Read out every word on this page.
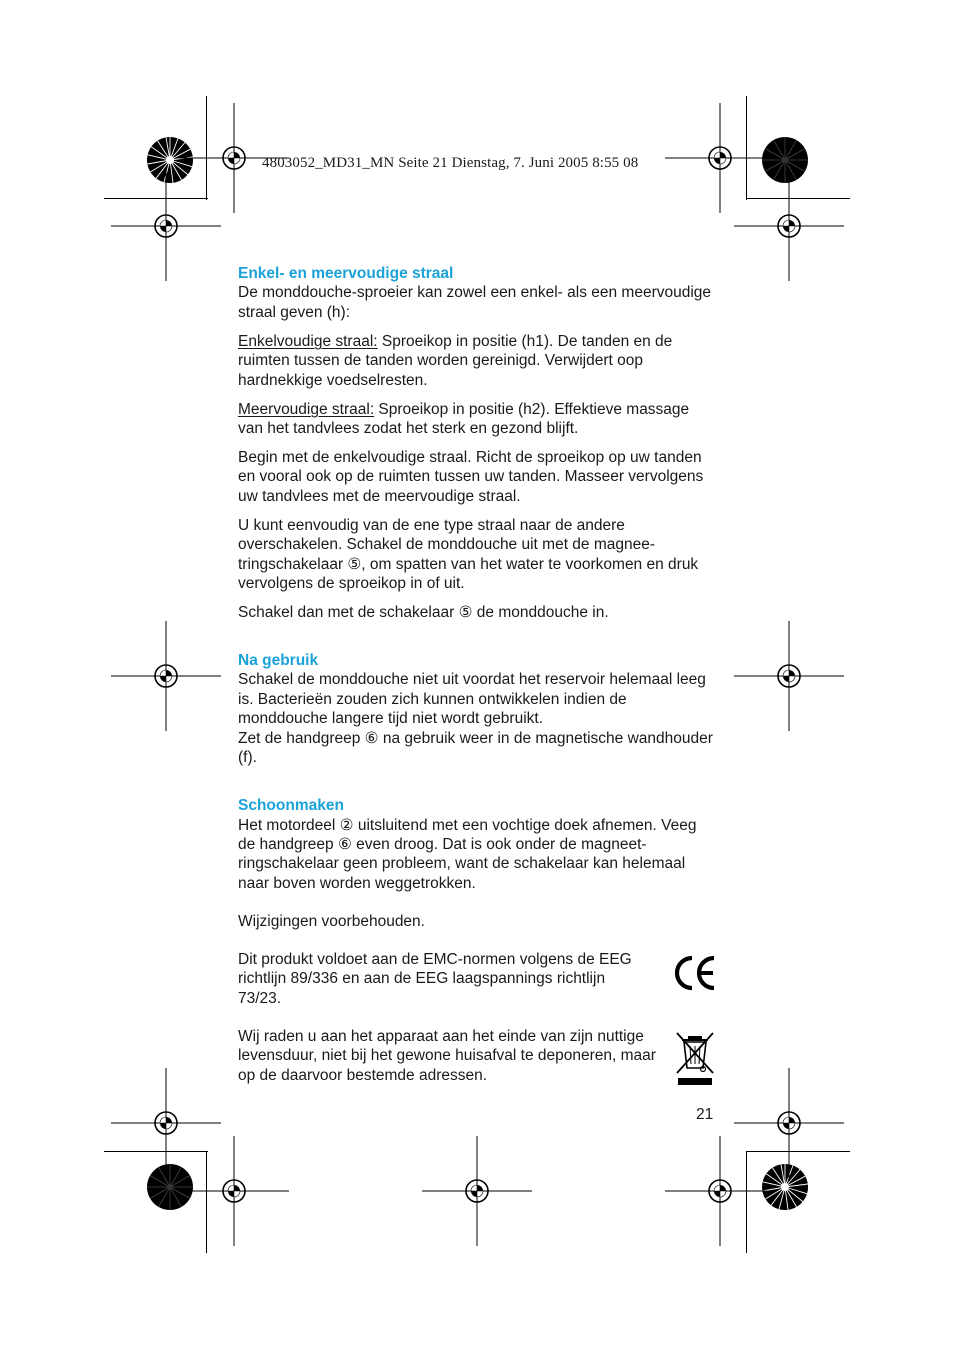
4803052_MD31_MN Seite 21 Dienstag, 7. Juni 2005 8:55 08
Enkel- en meervoudige straal

De monddouche-sproeier kan zowel een enkel- als een meervoudige straal geven (h):

Enkelvoudige straal: Sproeikop in positie (h1). De tanden en de ruimten tussen de tanden worden gereinigd. Verwijdert oop hardnekkige voedselresten.

Meervoudige straal: Sproeikop in positie (h2). Effektieve massage van het tandvlees zodat het sterk en gezond blijft.

Begin met de enkelvoudige straal. Richt de sproeikop op uw tanden en vooral ook op de ruimten tussen uw tanden. Masseer vervolgens uw tandvlees met de meervoudige straal.

U kunt eenvoudig van de ene type straal naar de andere overschakelen. Schakel de monddouche uit met de magnee-tringschakelaar ⑤, om spatten van het water te voorkomen en druk vervolgens de sproeikop in of uit.

Schakel dan met de schakelaar ⑤ de monddouche in.

Na gebruik

Schakel de monddouche niet uit voordat het reservoir helemaal leeg is. Bacterieën zouden zich kunnen ontwikkelen indien de monddouche langere tijd niet wordt gebruikt.

Zet de handgreep ⑥ na gebruik weer in de magnetische wandhouder (f).

Schoonmaken

Het motordeel ② uitsluitend met een vochtige doek afnemen. Veeg de handgreep ⑥ even droog. Dat is ook onder de magneet-ringschakelaar geen probleem, want de schakelaar kan helemaal naar boven worden weggetrokken.

Wijzigingen voorbehouden.
Dit produkt voldoet aan de EMC-normen volgens de EEG richtlijn 89/336 en aan de EEG laagspannings richtlijn 73/23.
Wij raden u aan het apparaat aan het einde van zijn nuttige levensduur, niet bij het gewone huisafval te deponeren, maar op de daarvoor bestemde adressen.
21
